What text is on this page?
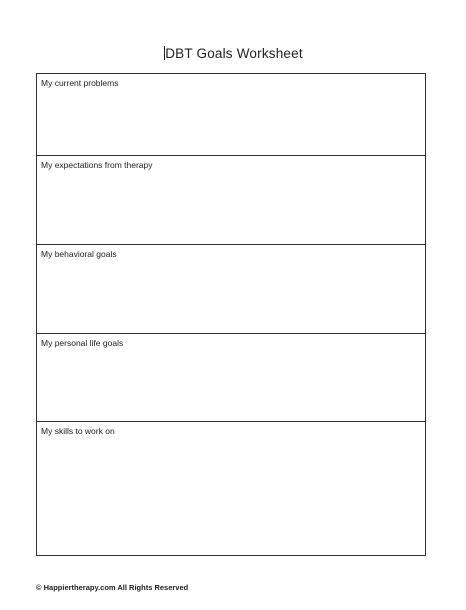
DBT Goals Worksheet
My current problems
My expectations from therapy
My behavioral goals
My personal life goals
My skills to work on
© Happiertherapy.com All Rights Reserved
